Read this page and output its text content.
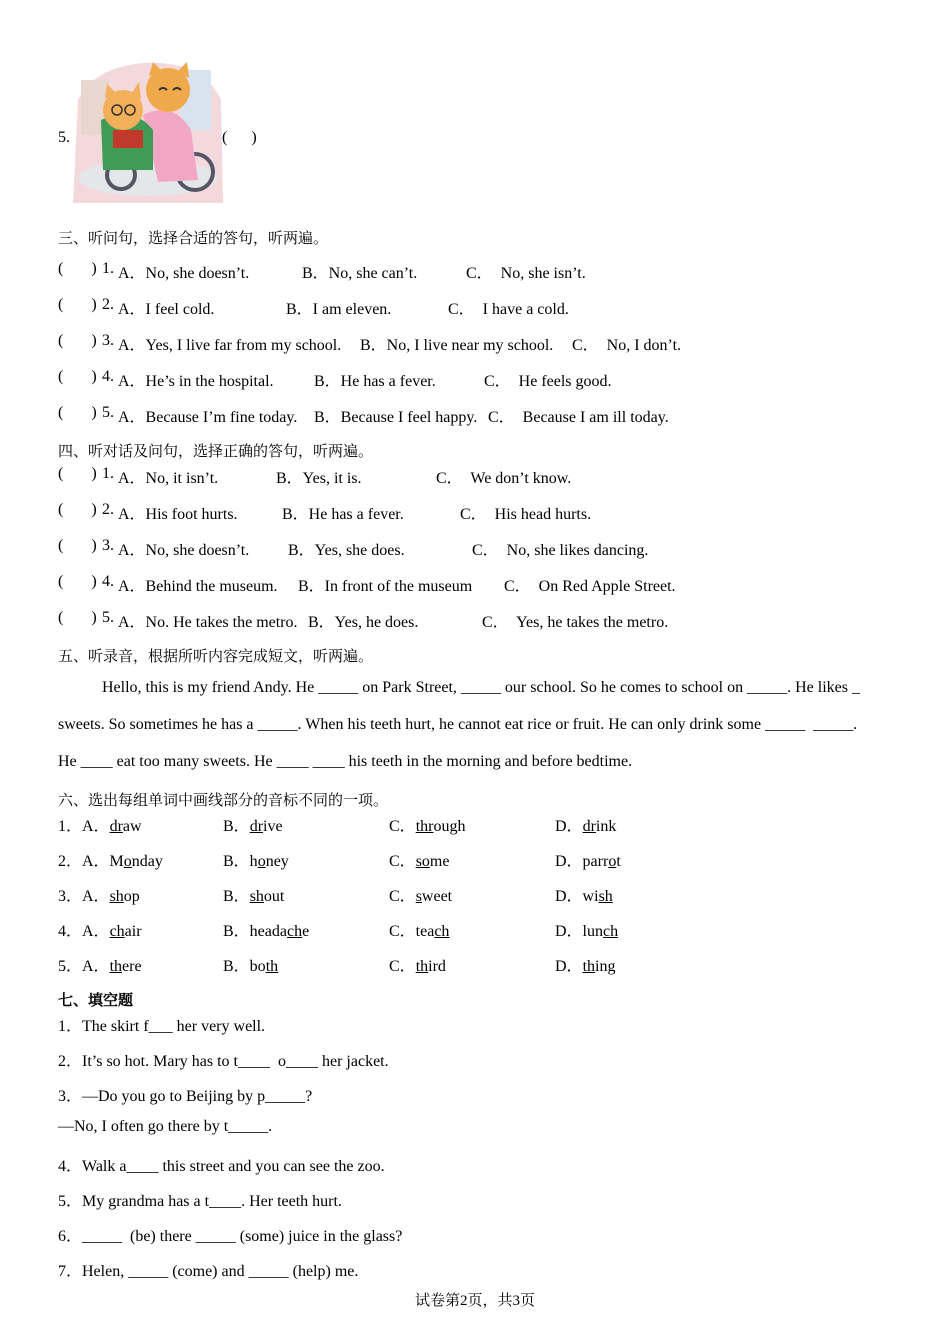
5.	(      )
三、听问句，选择合适的答句，听两遍。
(       ) 1. A．No, she doesn’t.	B．No, she can’t.	C．  No, she isn’t.
(       ) 2. A．I feel cold.	B．I am eleven.	C．  I have a cold.
(       ) 3. A．Yes, I live far from my school. B．No, I live near my school. C．  No, I don’t.
(       ) 4. A．He’s in the hospital.	B．He has a fever.	C．  He feels good.
(       ) 5. A．Because I’m fine today. B．Because I feel happy. C．  Because I am ill today.
四、听对话及问句，选择正确的答句，听两遍。
(       ) 1. A．No, it isn’t.	B．Yes, it is.	C．  We don’t know.
(       ) 2. A．His foot hurts.	B．He has a fever.	C．  His head hurts.
(       ) 3. A．No, she doesn’t. B．Yes, she does.	C．  No, she likes dancing.
(       ) 4. A．Behind the museum. B．In front of the museum C．  On Red Apple Street.
(       ) 5. A．No. He takes the metro. B．Yes, he does.	C．  Yes, he takes the metro.
五、听录音，根据所听内容完成短文，听两遍。
Hello, this is my friend Andy. He _____ on Park Street, _____ our school. So he comes to school on _____. He likes _
sweets. So sometimes he has a _____. When his teeth hurt, he cannot eat rice or fruit. He can only drink some _____  _____.
He ____ eat too many sweets. He ____ ____ his teeth in the morning and before bedtime.
六、选出每组单词中画线部分的音标不同的一项。
1．A．draw	B．drive	C．through	D．drink
2．A．Monday	B．honey	C．some	D．parrot
3．A．shop	B．shout	C．sweet	D．wish
4．A．chair	B．headache	C．teach	D．lunch
5．A．there	B．both	C．third	D．thing
七、填空题
1．The skirt f___ her very well.
2．It’s so hot. Mary has to t____  o____ her jacket.
3．—Do you go to Beijing by p_____?
—No, I often go there by t_____.
4．Walk a____ this street and you can see the zoo.
5．My grandma has a t____. Her teeth hurt.
6．_____  (be) there _____ (some) juice in the glass?
7．Helen, _____ (come) and _____ (help) me.
试卷第2页，共3页
